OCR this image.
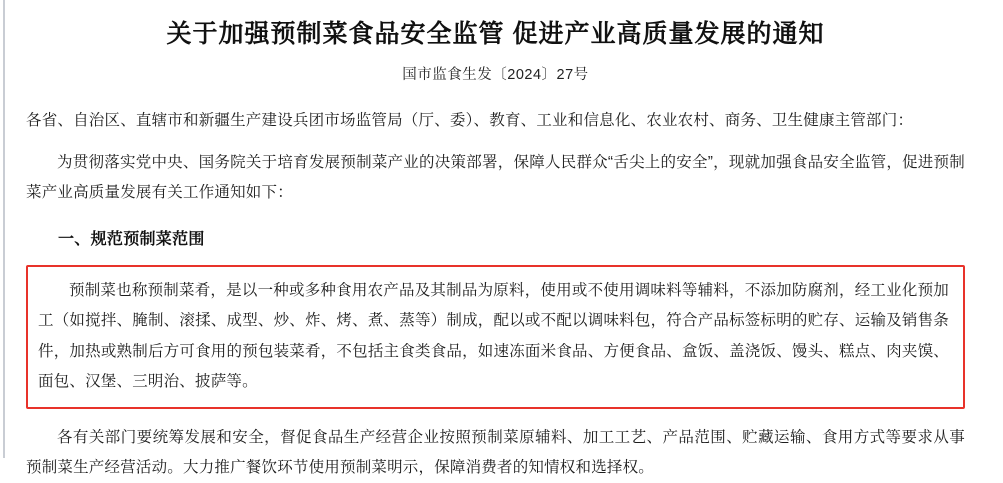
关于加强预制菜食品安全监管 促进产业高质量发展的通知
国市监食生发〔2024〕27号

各省、自治区、直辖市和新疆生产建设兵团市场监管局（厅、委）、教育、工业和信息化、农业农村、商务、卫生健康主管部门：

为贯彻落实党中央、国务院关于培育发展预制菜产业的决策部署，保障人民群众“舌尖上的安全”，现就加强食品安全监管，促进预制菜产业高质量发展有关工作通知如下：

一、规范预制菜范围

预制菜也称预制菜肴，是以一种或多种食用农产品及其制品为原料，使用或不使用调味料等辅料，不添加防腐剂，经工业化预加工（如搅拌、腌制、滚揉、成型、炒、炸、烤、煮、蒸等）制成，配以或不配以调味料包，符合产品标签标明的贮存、运输及销售条件，加热或熟制后方可食用的预包装菜肴，不包括主食类食品，如速冻面米食品、方便食品、盒饭、盖浇饭、馒头、糕点、肉夹馍、面包、汉堡、三明治、披萨等。

各有关部门要统筹发展和安全，督促食品生产经营企业按照预制菜原辅料、加工工艺、产品范围、贮藏运输、食用方式等要求从事预制菜生产经营活动。大力推广餐饮环节使用预制菜明示，保障消费者的知情权和选择权。
